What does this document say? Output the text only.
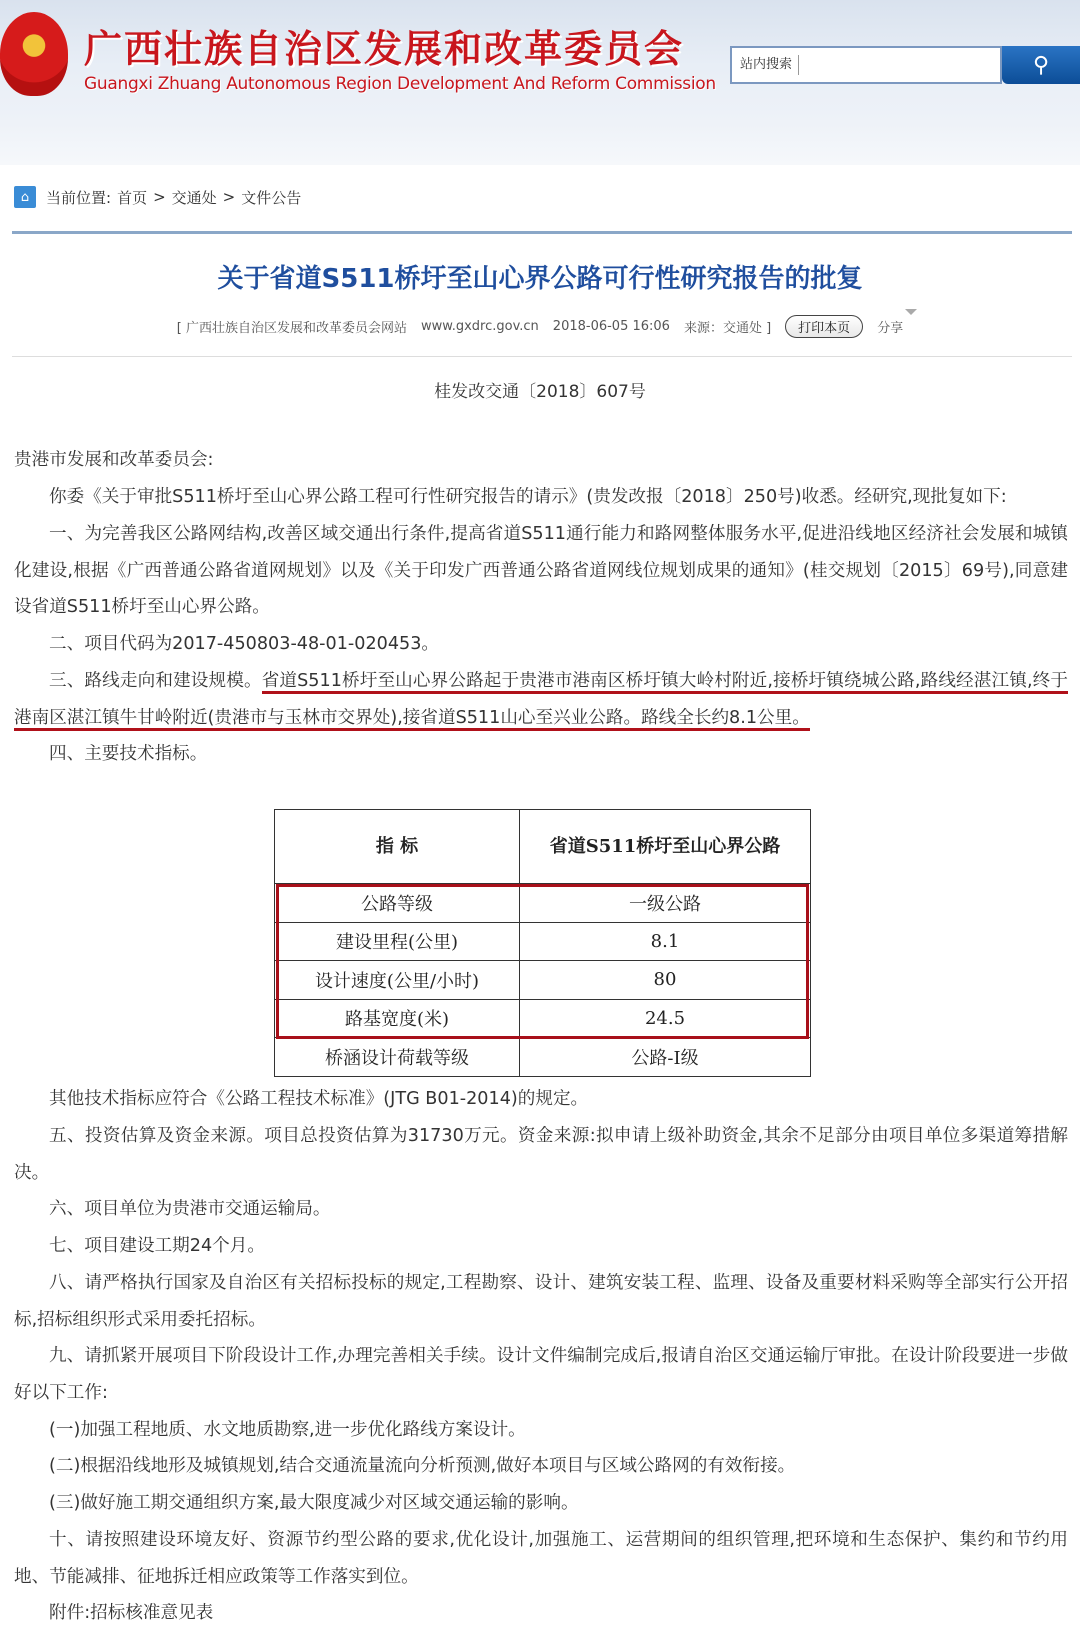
广西壮族自治区发展和改革委员会
Guangxi Zhuang Autonomous Region Development And Reform Commission
站内搜索	⚲
⌂	当前位置: 首页 > 交通处 > 文件公告
关于省道S511桥圩至山心界公路可行性研究报告的批复
[ 广西壮族自治区发展和改革委员会网站 www.gxdrc.gov.cn 2018-06-05 16:06 来源：交通处 ]	打印本页	分享
桂发改交通〔2018〕607号
贵港市发展和改革委员会:
你委《关于审批S511桥圩至山心界公路工程可行性研究报告的请示》(贵发改报〔2018〕250号)收悉。经研究,现批复如下:
一、为完善我区公路网结构,改善区域交通出行条件,提高省道S511通行能力和路网整体服务水平,促进沿线地区经济社会发展和城镇化建设,根据《广西普通公路省道网规划》以及《关于印发广西普通公路省道网线位规划成果的通知》(桂交规划〔2015〕69号),同意建设省道S511桥圩至山心界公路。
二、项目代码为2017-450803-48-01-020453。
三、路线走向和建设规模。省道S511桥圩至山心界公路起于贵港市港南区桥圩镇大岭村附近,接桥圩镇绕城公路,路线经湛江镇,终于港南区湛江镇牛甘岭附近(贵港市与玉林市交界处),接省道S511山心至兴业公路。路线全长约8.1公里。
四、主要技术指标。
指 标	省道S511桥圩至山心界公路
公路等级	一级公路
建设里程(公里)	8.1
设计速度(公里/小时)	80
路基宽度(米)	24.5
桥涵设计荷载等级	公路-I级
其他技术指标应符合《公路工程技术标准》(JTG B01-2014)的规定。
五、投资估算及资金来源。项目总投资估算为31730万元。资金来源:拟申请上级补助资金,其余不足部分由项目单位多渠道筹措解决。
六、项目单位为贵港市交通运输局。
七、项目建设工期24个月。
八、请严格执行国家及自治区有关招标投标的规定,工程勘察、设计、建筑安装工程、监理、设备及重要材料采购等全部实行公开招标,招标组织形式采用委托招标。
九、请抓紧开展项目下阶段设计工作,办理完善相关手续。设计文件编制完成后,报请自治区交通运输厅审批。在设计阶段要进一步做好以下工作:
(一)加强工程地质、水文地质勘察,进一步优化路线方案设计。
(二)根据沿线地形及城镇规划,结合交通流量流向分析预测,做好本项目与区域公路网的有效衔接。
(三)做好施工期交通组织方案,最大限度减少对区域交通运输的影响。
十、请按照建设环境友好、资源节约型公路的要求,优化设计,加强施工、运营期间的组织管理,把环境和生态保护、集约和节约用地、节能减排、征地拆迁相应政策等工作落实到位。
附件:招标核准意见表
